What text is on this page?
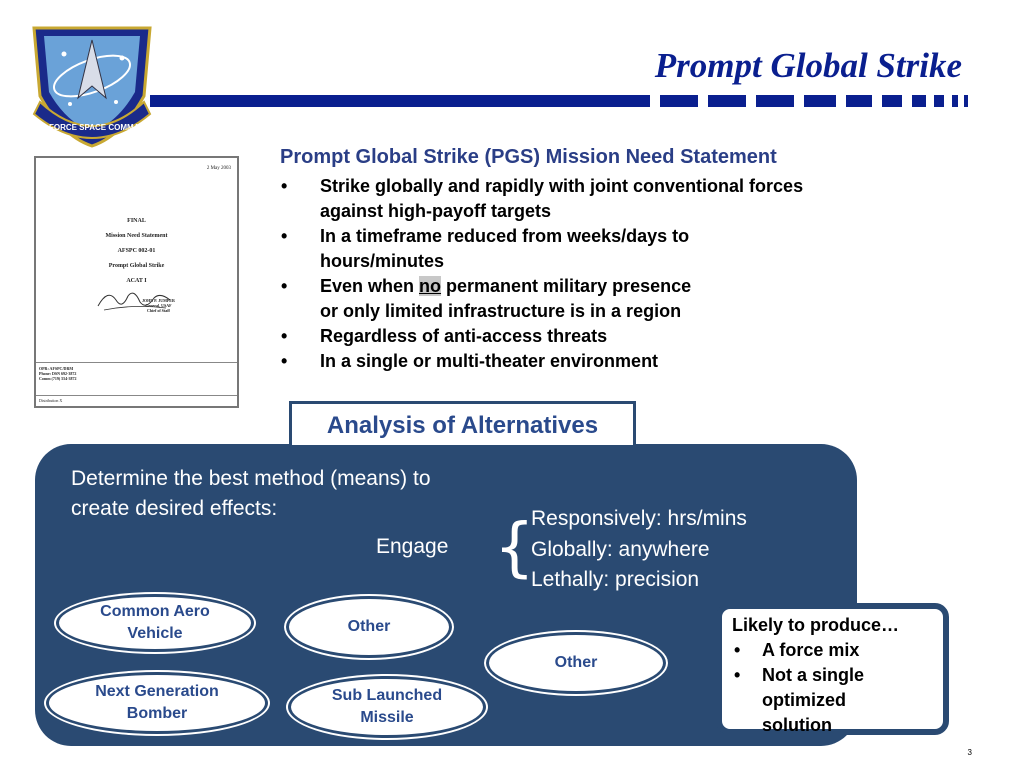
AIR FORCE SPACE COMMAND
Prompt Global Strike
2 May 2003
FINAL
Mission Need Statement
AFSPC 002-01
Prompt Global Strike
ACAT I
JOHN P. JUMPER
General, USAF
Chief of Staff
OPR: AFSPC/DRM
Phone: DSN 692-3872
Comm (719) 554-3872
Distribution X
Prompt Global Strike (PGS) Mission Need Statement
• Strike globally and rapidly with joint conventional forces
against high-payoff targets
• In a timeframe reduced from weeks/days to
hours/minutes
• Even when no permanent military presence
or only limited infrastructure is in a region
• Regardless of anti-access threats
• In a single or multi-theater environment
Analysis of Alternatives
Determine the best method (means) to
create desired effects:
Engage {
Responsively: hrs/mins
Globally: anywhere
Lethally: precision
Common Aero
Vehicle	Other
Other
Next Generation
Bomber
Sub Launched
Missile
Likely to produce…
• A force mix
• Not a single
optimized
solution
3
